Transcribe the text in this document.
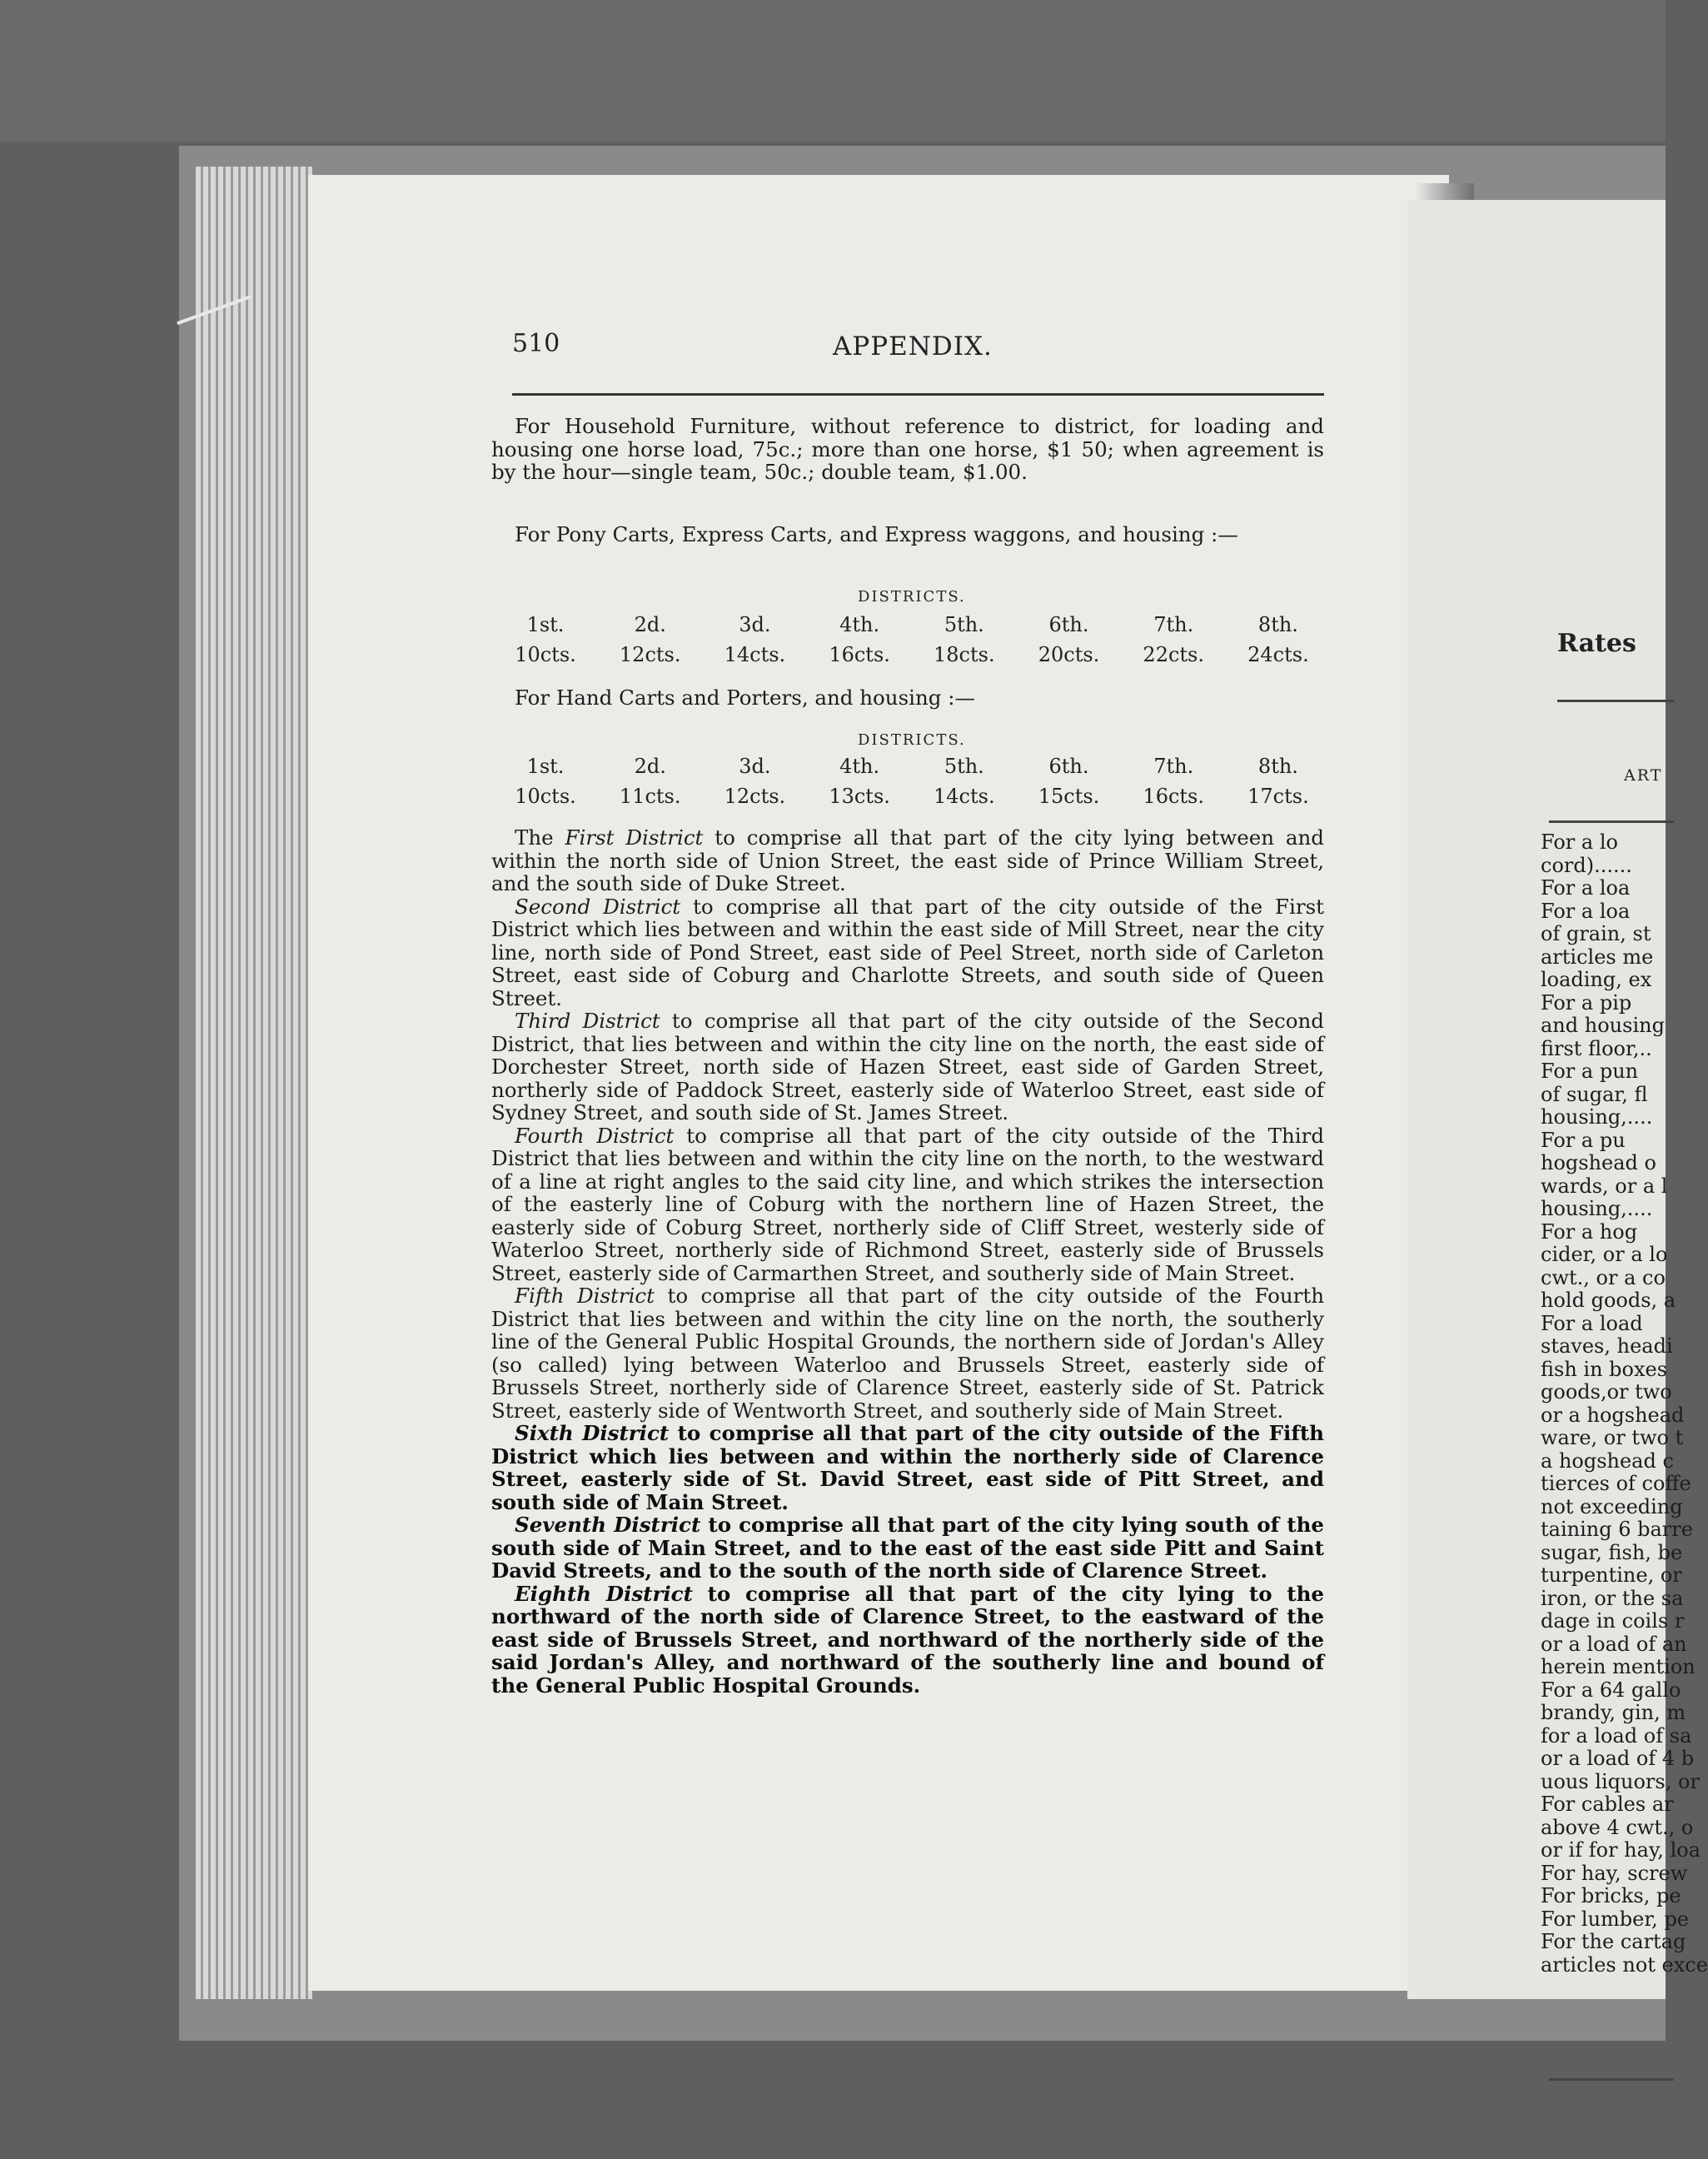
Rates
ART
For a lo
cord)......
For a loa
For a loa
of grain, st
articles me
loading, ex
For a pip
and housing
first floor,..
For a pun
of sugar, fl
housing,....
For a pu
hogshead o
wards, or a l
housing,....
For a hog
cider, or a lo
cwt., or a co
hold goods, a
For a load
staves, headi
fish in boxes
goods,or two
or a hogshead
ware, or two t
a hogshead c
tierces of coffe
not exceeding
taining 6 barre
sugar, fish, be
turpentine, or
iron, or the sa
dage in coils r
or a load of an
herein mention
For a 64 gallo
brandy, gin, m
for a load of sa
or a load of 4 b
uous liquors, or
For cables ar
above 4 cwt., o
or if for hay, loa
For hay, screw
For bricks, pe
For lumber, pe
For the cartag
articles not exce
510	APPENDIX.

For Household Furniture, without reference to district, for loading and housing one horse load, 75c.; more than one horse, $1 50; when agreement is by the hour—single team, 50c.; double team, $1.00.

For Pony Carts, Express Carts, and Express waggons, and housing :—

DISTRICTS.
1st.	2d.	3d.	4th.	5th.	6th.	7th.	8th.
10cts.	12cts.	14cts.	16cts.	18cts.	20cts.	22cts.	24cts.

For Hand Carts and Porters, and housing :—

DISTRICTS.
1st.	2d.	3d.	4th.	5th.	6th.	7th.	8th.
10cts.	11cts.	12cts.	13cts.	14cts.	15cts.	16cts.	17cts.

The First District to comprise all that part of the city lying between and within the north side of Union Street, the east side of Prince William Street, and the south side of Duke Street.

Second District to comprise all that part of the city outside of the First District which lies between and within the east side of Mill Street, near the city line, north side of Pond Street, east side of Peel Street, north side of Carleton Street, east side of Coburg and Charlotte Streets, and south side of Queen Street.

Third District to comprise all that part of the city outside of the Second District, that lies between and within the city line on the north, the east side of Dorchester Street, north side of Hazen Street, east side of Garden Street, northerly side of Paddock Street, easterly side of Waterloo Street, east side of Sydney Street, and south side of St. James Street.

Fourth District to comprise all that part of the city outside of the Third District that lies between and within the city line on the north, to the westward of a line at right angles to the said city line, and which strikes the intersection of the easterly line of Coburg with the northern line of Hazen Street, the easterly side of Coburg Street, northerly side of Cliff Street, westerly side of Waterloo Street, northerly side of Richmond Street, easterly side of Brussels Street, easterly side of Carmarthen Street, and southerly side of Main Street.

Fifth District to comprise all that part of the city outside of the Fourth District that lies between and within the city line on the north, the southerly line of the General Public Hospital Grounds, the northern side of Jordan's Alley (so called) lying between Waterloo and Brussels Street, easterly side of Brussels Street, northerly side of Clarence Street, easterly side of St. Patrick Street, easterly side of Wentworth Street, and southerly side of Main Street.

Sixth District to comprise all that part of the city outside of the Fifth District which lies between and within the northerly side of Clarence Street, easterly side of St. David Street, east side of Pitt Street, and south side of Main Street.

Seventh District to comprise all that part of the city lying south of the south side of Main Street, and to the east of the east side Pitt and Saint David Streets, and to the south of the north side of Clarence Street.

Eighth District to comprise all that part of the city lying to the northward of the north side of Clarence Street, to the eastward of the east side of Brussels Street, and northward of the northerly side of the said Jordan's Alley, and northward of the southerly line and bound of the General Public Hospital Grounds.
